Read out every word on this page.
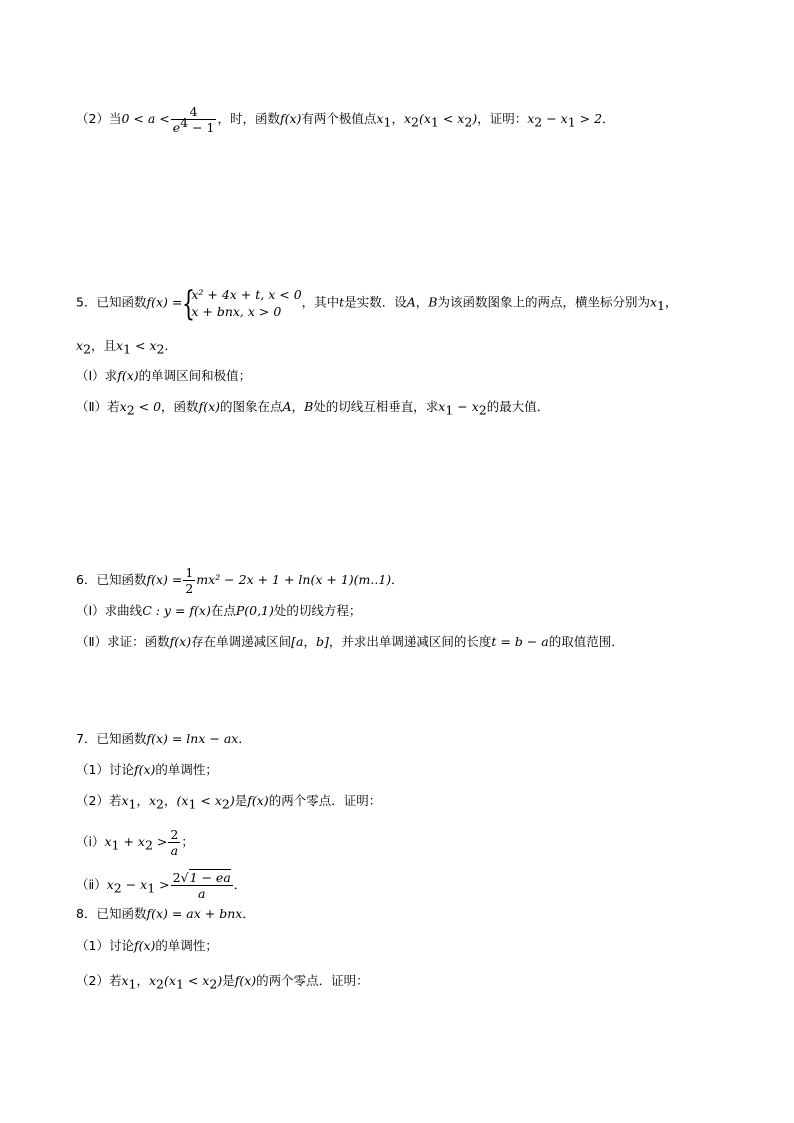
（2）当$0 < a < \frac{4}{e^4 - 1}$ ，时，函数f(x)有两个极值点$x_1$，$x_2(x_1 < x_2)$，证明：$x_2 - x_1 > 2$．
5．已知函数f(x) = {
x² + 4x + t, x < 0
x + bnx, x > 0
，其中t是实数．设A，B为该函数图象上的两点，横坐标分别为$x_1$，
$x_2$，且$x_1 < x_2$．
（Ⅰ）求f(x)的单调区间和极值；
（Ⅱ）若$x_2 < 0$，函数f(x)的图象在点A，B处的切线互相垂直，求$x_1 - x_2$的最大值．
6．已知函数$f(x) = \frac{1}{2} mx^2 - 2x + 1 + \ln(x + 1)(m..1)$．
（Ⅰ）求曲线C : y = f(x)在点P(0,1)处的切线方程；
（Ⅱ）求证：函数f(x)存在单调递减区间[a，b]，并求出单调递减区间的长度t = b − a的取值范围．
7．已知函数f(x) = lnx − ax．
（1）讨论f(x)的单调性；
（2）若$x_1$，$x_2$，$(x_1 < x_2)$是f(x)的两个零点．证明：
$(ⅰ)x_1 + x_2 > \frac{2}{a}$ ；
$(ⅱ)x_2 - x_1 > \frac{2√1 - ea}{a}$ ．
8．已知函数f(x) = ax + bnx．
（1）讨论f(x)的单调性；
（2）若$x_1$，$x_2(x_1 < x_2)$是f(x)的两个零点．证明：
